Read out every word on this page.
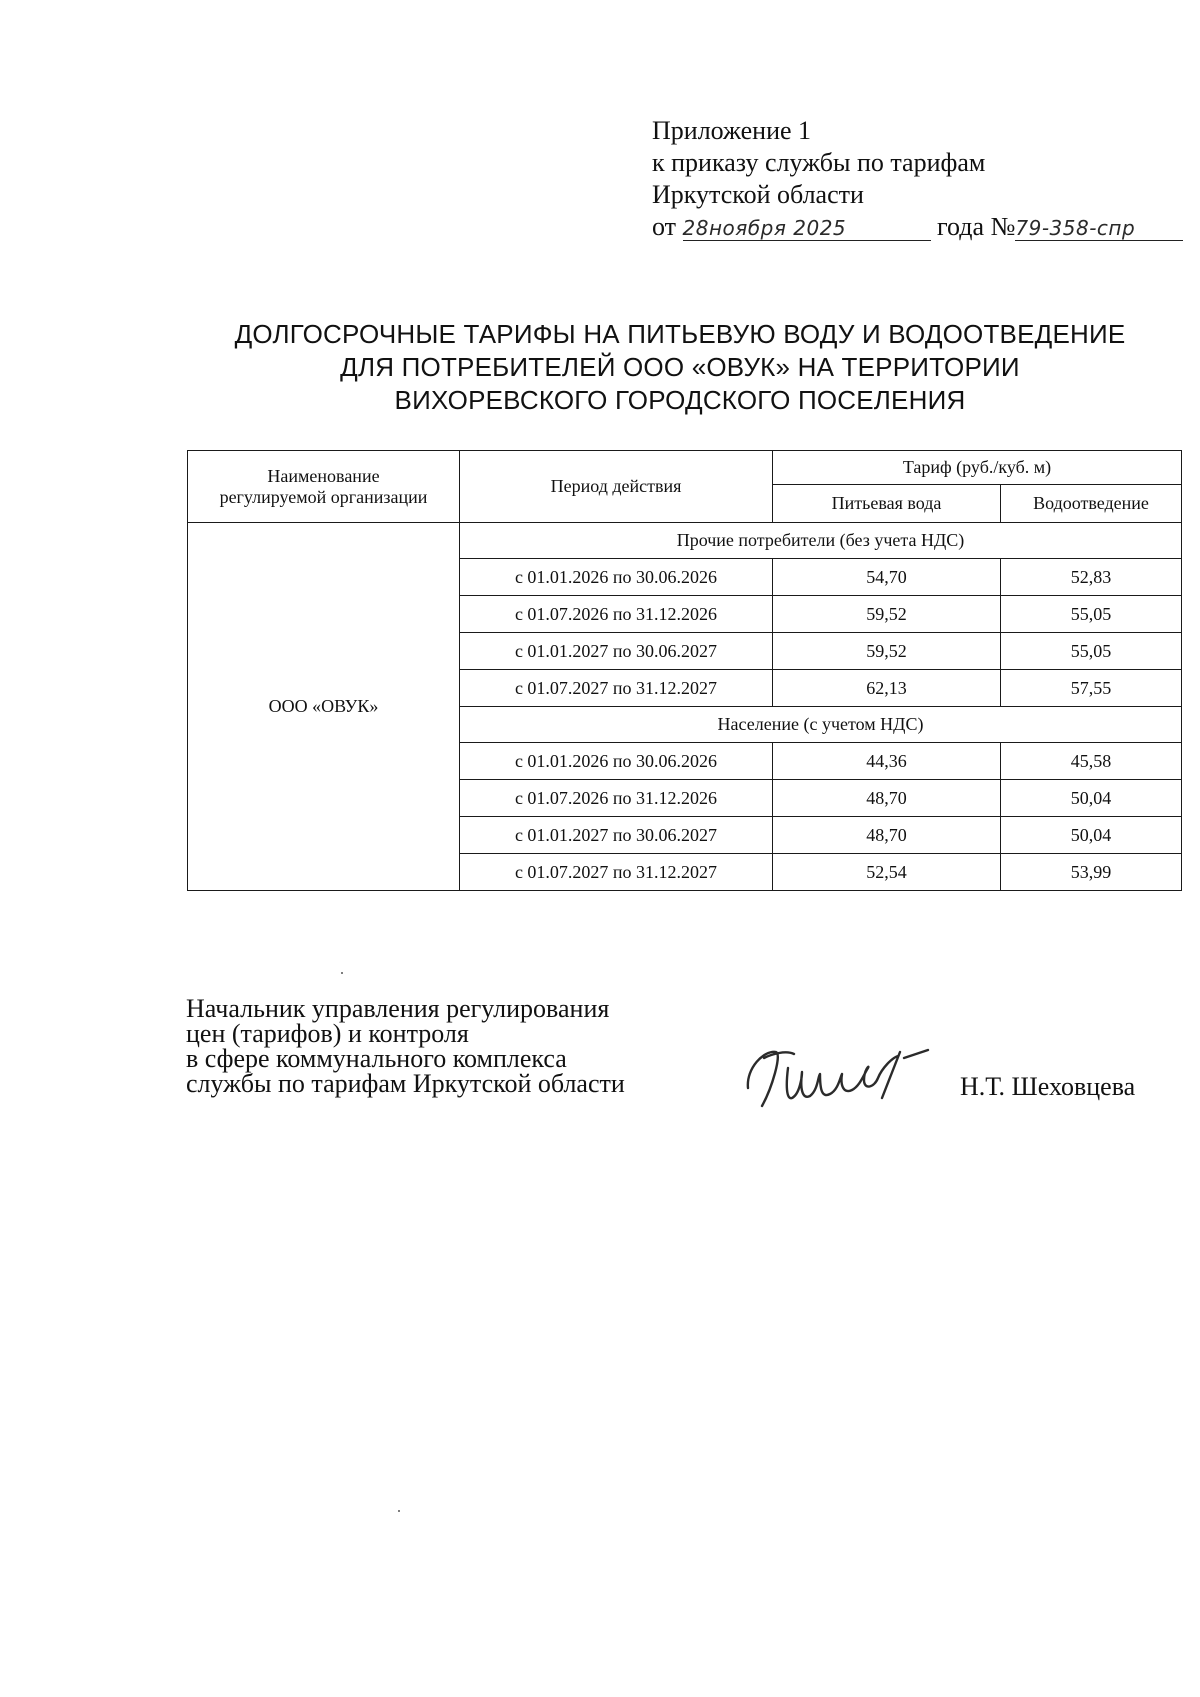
Приложение 1
к приказу службы по тарифам
Иркутской области
от 28ноября 2025	года №79-358-спр
ДОЛГОСРОЧНЫЕ ТАРИФЫ НА ПИТЬЕВУЮ ВОДУ И ВОДООТВЕДЕНИЕ
ДЛЯ ПОТРЕБИТЕЛЕЙ ООО «ОВУК» НА ТЕРРИТОРИИ
ВИХОРЕВСКОГО ГОРОДСКОГО ПОСЕЛЕНИЯ
Наименование
регулируемой организации	Период действия	Тариф (руб./куб. м)	
		Питьевая вода	Водоотведение
ООО «ОВУК»	Прочие потребители (без учета НДС)		
	с 01.01.2026 по 30.06.2026	54,70	52,83
	с 01.07.2026 по 31.12.2026	59,52	55,05
	с 01.01.2027 по 30.06.2027	59,52	55,05
	с 01.07.2027 по 31.12.2027	62,13	57,55
	Население (с учетом НДС)		
	с 01.01.2026 по 30.06.2026	44,36	45,58
	с 01.07.2026 по 31.12.2026	48,70	50,04
	с 01.01.2027 по 30.06.2027	48,70	50,04
	с 01.07.2027 по 31.12.2027	52,54	53,99
Начальник управления регулирования
цен (тарифов) и контроля
в сфере коммунального комплекса
службы по тарифам Иркутской области	Н.Т. Шеховцева
